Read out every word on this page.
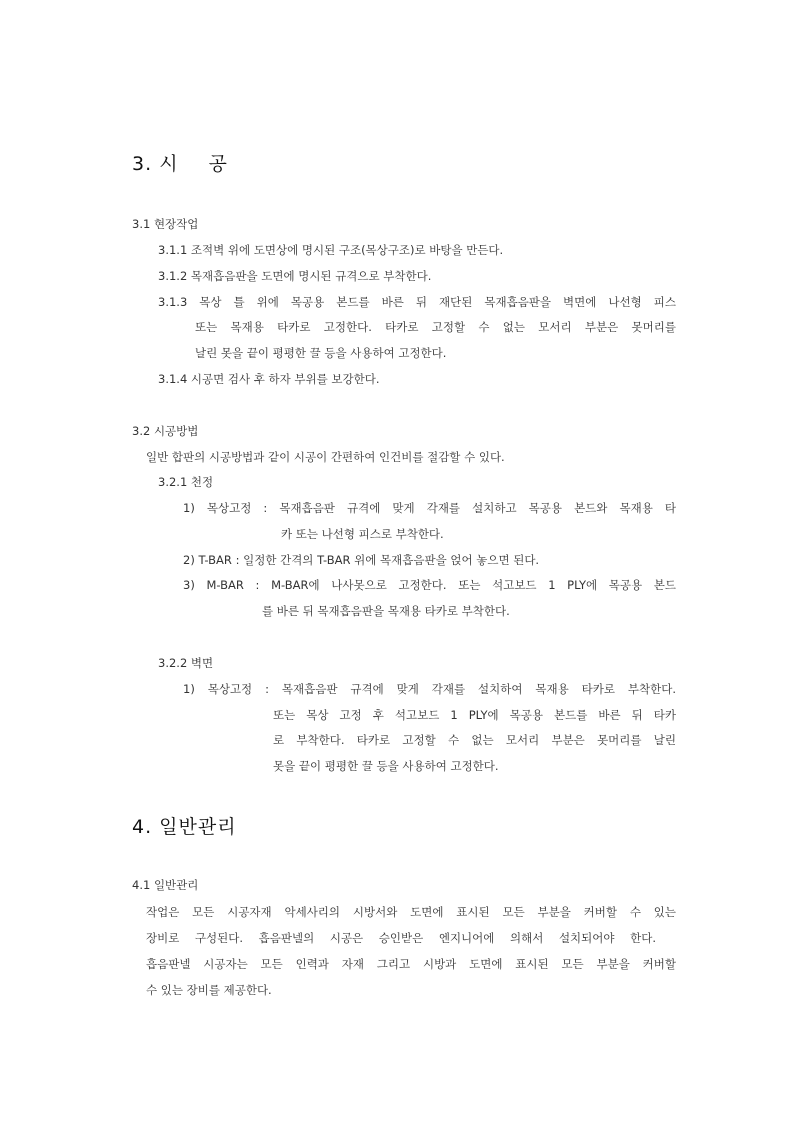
3. 시 공
3.1 현장작업
3.1.1 조적벽 위에 도면상에 명시된 구조(목상구조)로 바탕을 만든다.
3.1.2 목재흡음판을 도면에 명시된 규격으로 부착한다.
3.1.3 목상 틀 위에 목공용 본드를 바른 뒤 재단된 목재흡음판을 벽면에 나선형 피스
또는 목재용 타카로 고정한다. 타카로 고정할 수 없는 모서리 부분은 못머리를
날린 못을 끝이 평평한 끌 등을 사용하여 고정한다.
3.1.4 시공면 검사 후 하자 부위를 보강한다.
3.2 시공방법
일반 합판의 시공방법과 같이 시공이 간편하여 인건비를 절감할 수 있다.
3.2.1 천정
1) 목상고정 : 목재흡음판 규격에 맞게 각재를 설치하고 목공용 본드와 목재용 타
카 또는 나선형 피스로 부착한다.
2) T-BAR : 일정한 간격의 T-BAR 위에 목재흡음판을 얹어 놓으면 된다.
3) M-BAR : M-BAR에 나사못으로 고정한다. 또는 석고보드 1 PLY에 목공용 본드
를 바른 뒤 목재흡음판을 목재용 타카로 부착한다.
3.2.2 벽면
1) 목상고정 : 목재흡음판 규격에 맞게 각재를 설치하여 목재용 타카로 부착한다.
또는 목상 고정 후 석고보드 1 PLY에 목공용 본드를 바른 뒤 타카
로 부착한다. 타카로 고정할 수 없는 모서리 부분은 못머리를 날린
못을 끝이 평평한 끌 등을 사용하여 고정한다.
4. 일반관리
4.1 일반관리
작업은 모든 시공자재 악세사리의 시방서와 도면에 표시된 모든 부분을 커버할 수 있는
장비로 구성된다. 흡음판넬의 시공은 승인받은 엔지니어에 의해서 설치되어야 한다.
흡음판넬 시공자는 모든 인력과 자재 그리고 시방과 도면에 표시된 모든 부분을 커버할
수 있는 장비를 제공한다.
